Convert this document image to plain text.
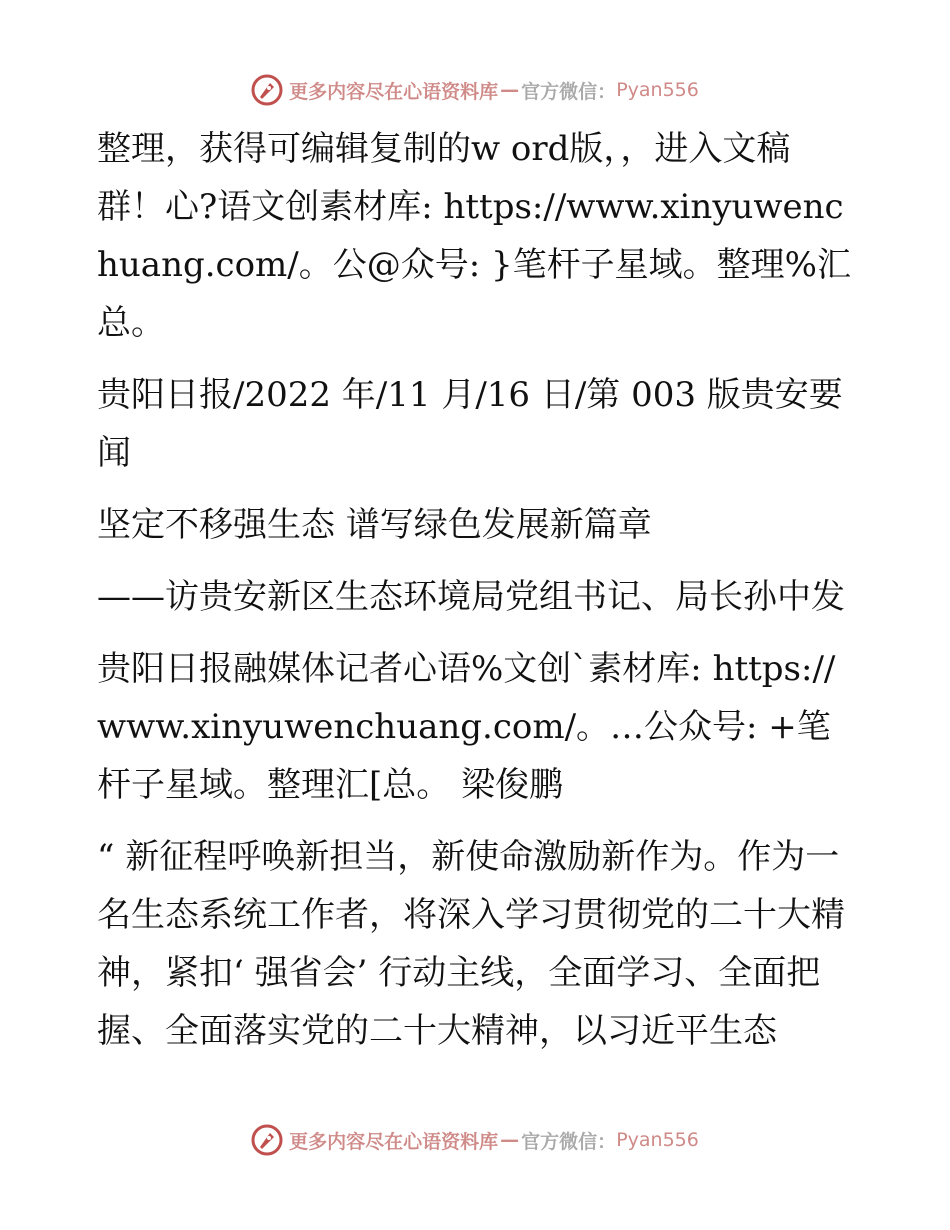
更多内容尽在心语资料库 — 官方微信： Pyan556

整理，获得可编辑复制的w ord版，，进入文稿群！心?语文创素材库: https://www.xinyuwenchuang.com/。公@众号: }笔杆子星域。整理%汇总。

贵阳日报/2022 年/11 月/16 日/第 003 版贵安要闻

坚定不移强生态 谱写绿色发展新篇章

——访贵安新区生态环境局党组书记、局长孙中发

贵阳日报融媒体记者心语%文创`素材库: https://www.xinyuwenchuang.com/。…公众号: +笔杆子星域。整理汇[总。 梁俊鹏

“ 新征程呼唤新担当，新使命激励新作为。作为一名生态系统工作者，将深入学习贯彻党的二十大精神，紧扣‘ 强省会’ 行动主线，全面学习、全面把握、全面落实党的二十大精神，以习近平生态

更多内容尽在心语资料库 — 官方微信： Pyan556
